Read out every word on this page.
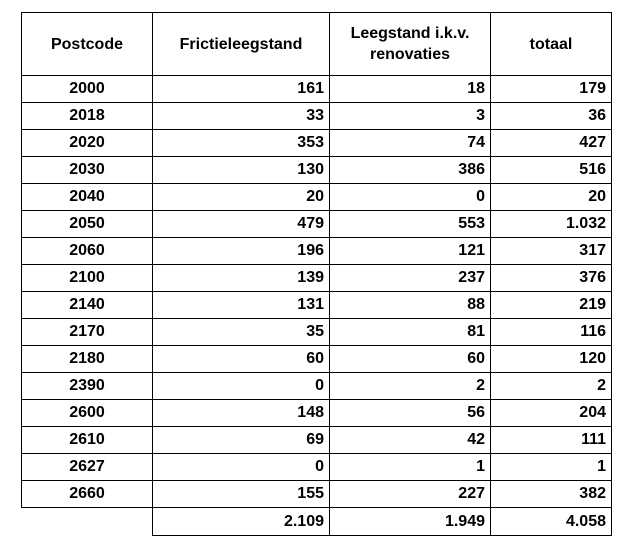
Postcode	Frictieleegstand	Leegstand i.k.v. renovaties	totaal
2000	161	18	179
2018	33	3	36
2020	353	74	427
2030	130	386	516
2040	20	0	20
2050	479	553	1.032
2060	196	121	317
2100	139	237	376
2140	131	88	219
2170	35	81	116
2180	60	60	120
2390	0	2	2
2600	148	56	204
2610	69	42	111
2627	0	1	1
2660	155	227	382
	2.109	1.949	4.058
